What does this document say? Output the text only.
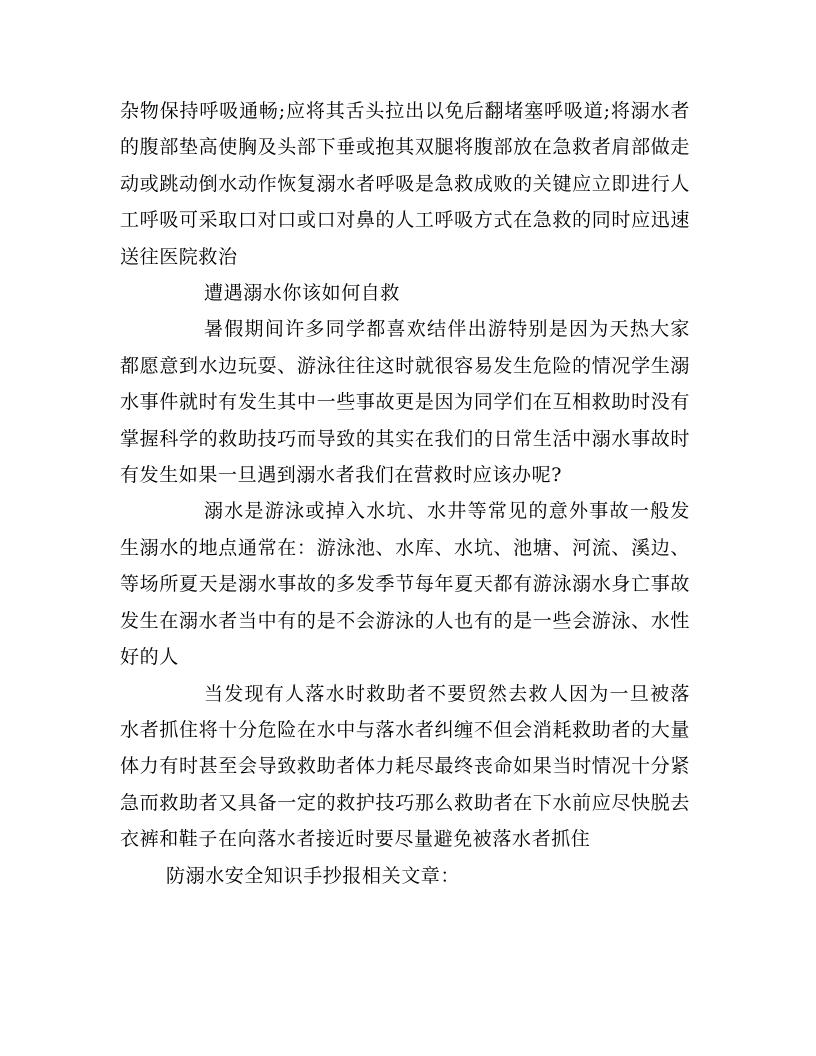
杂物保持呼吸通畅;应将其舌头拉出以免后翻堵塞呼吸道;将溺水者的腹部垫高使胸及头部下垂或抱其双腿将腹部放在急救者肩部做走动或跳动倒水动作恢复溺水者呼吸是急救成败的关键应立即进行人工呼吸可采取口对口或口对鼻的人工呼吸方式在急救的同时应迅速送往医院救治

遭遇溺水你该如何自救

暑假期间许多同学都喜欢结伴出游特别是因为天热大家都愿意到水边玩耍、游泳往往这时就很容易发生危险的情况学生溺水事件就时有发生其中一些事故更是因为同学们在互相救助时没有掌握科学的救助技巧而导致的其实在我们的日常生活中溺水事故时有发生如果一旦遇到溺水者我们在营救时应该办呢?

溺水是游泳或掉入水坑、水井等常见的意外事故一般发生溺水的地点通常在：游泳池、水库、水坑、池塘、河流、溪边、等场所夏天是溺水事故的多发季节每年夏天都有游泳溺水身亡事故发生在溺水者当中有的是不会游泳的人也有的是一些会游泳、水性好的人

当发现有人落水时救助者不要贸然去救人因为一旦被落水者抓住将十分危险在水中与落水者纠缠不但会消耗救助者的大量体力有时甚至会导致救助者体力耗尽最终丧命如果当时情况十分紧急而救助者又具备一定的救护技巧那么救助者在下水前应尽快脱去衣裤和鞋子在向落水者接近时要尽量避免被落水者抓住

防溺水安全知识手抄报相关文章：
